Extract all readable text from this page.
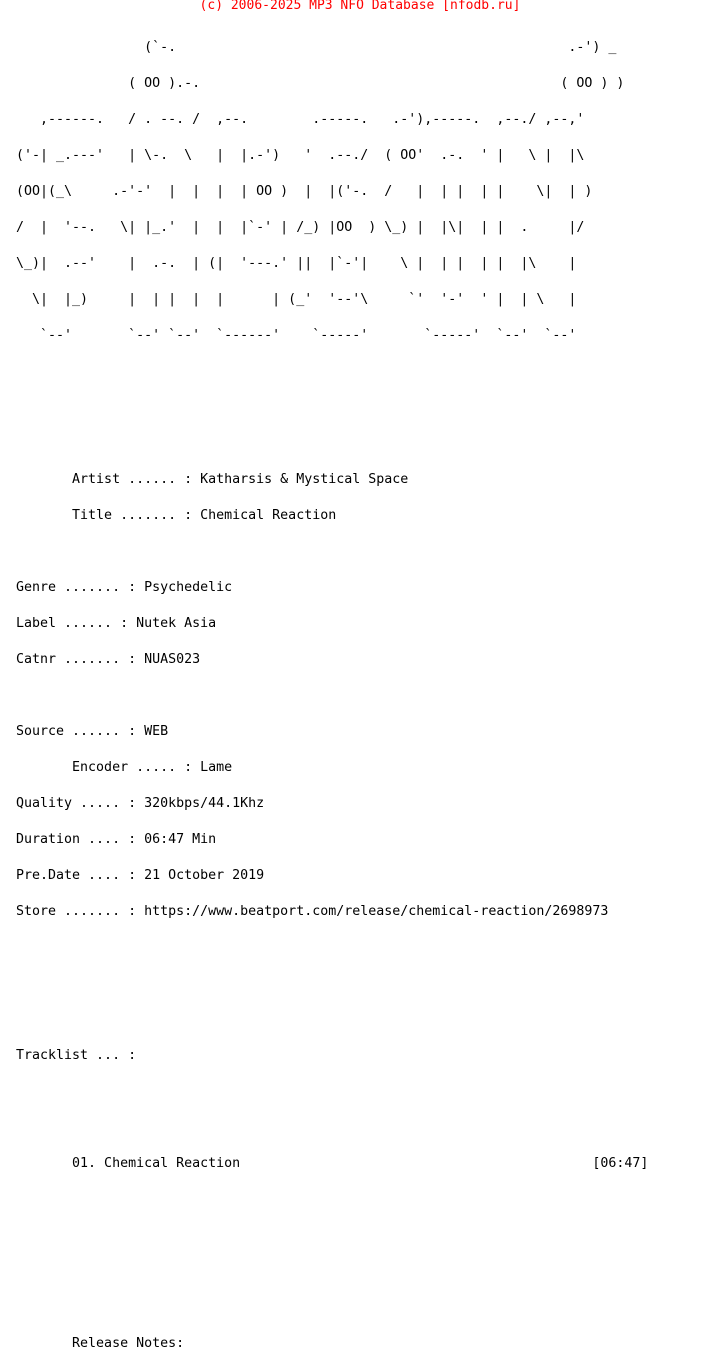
(c) 2006-2025 MP3 NFO Database [nfodb.ru]

(`-.                                                 .-') _

( OO ).-.                                             ( OO ) )

,------.   / . --. /  ,--.        .-----.   .-'),-----.  ,--./ ,--,'

('-| _.---'   | \-.  \   |  |.-')   '  .--./  ( OO'  .-.  ' |   \ |  |\

(OO|(_\     .-'-'  |  |  |  | OO )  |  |('-.  /   |  | |  | |    \|  | )

/  |  '--.   \| |_.'  |  |  |`-' | /_) |OO  ) \_) |  |\|  | |  .     |/

\_)|  .--'    |  .-.  | (|  '---.' ||  |`-'|    \ |  | |  | |  |\    |

\|  |_)     |  | |  |  |      | (_'  '--'\     `'  '-'  ' |  | \   |

`--'       `--' `--'  `------'    `-----'       `-----'  `--'  `--'

Artist ...... : Katharsis & Mystical Space

Title ....... : Chemical Reaction

Genre ....... : Psychedelic

Label ...... : Nutek Asia

Catnr ....... : NUAS023

Source ...... : WEB

Encoder ..... : Lame

Quality ..... : 320kbps/44.1Khz

Duration .... : 06:47 Min

Pre.Date .... : 21 October 2019

Store ....... : https://www.beatport.com/release/chemical-reaction/2698973

Tracklist ... :

01. Chemical Reaction                                            [06:47]

Release Notes:
